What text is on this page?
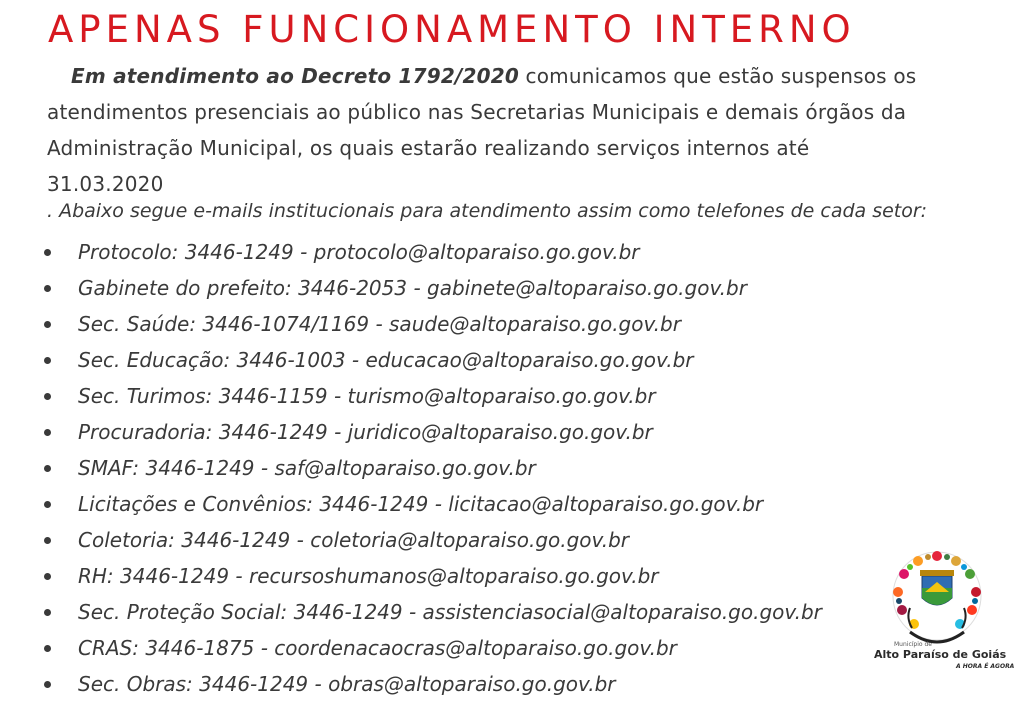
APENAS FUNCIONAMENTO INTERNO
Em atendimento ao Decreto 1792/2020 comunicamos que estão suspensos os
atendimentos presenciais ao público nas Secretarias Municipais e demais órgãos da
Administração Municipal, os quais estarão realizando serviços internos até
31.03.2020
. Abaixo segue e-mails institucionais para atendimento assim como telefones de cada setor:
Protocolo: 3446-1249 - protocolo@altoparaiso.go.gov.br
Gabinete do prefeito: 3446-2053 - gabinete@altoparaiso.go.gov.br
Sec. Saúde: 3446-1074/1169 - saude@altoparaiso.go.gov.br
Sec. Educação: 3446-1003 - educacao@altoparaiso.go.gov.br
Sec. Turimos: 3446-1159 - turismo@altoparaiso.go.gov.br
Procuradoria: 3446-1249 - juridico@altoparaiso.go.gov.br
SMAF: 3446-1249 - saf@altoparaiso.go.gov.br
Licitações e Convênios: 3446-1249 - licitacao@altoparaiso.go.gov.br
Coletoria: 3446-1249 - coletoria@altoparaiso.go.gov.br
RH: 3446-1249 - recursoshumanos@altoparaiso.go.gov.br
Sec. Proteção Social: 3446-1249 - assistenciasocial@altoparaiso.go.gov.br
CRAS: 3446-1875 - coordenacaocras@altoparaiso.go.gov.br
Sec. Obras: 3446-1249 - obras@altoparaiso.go.gov.br
Município de
Alto Paraíso de Goiás
A HORA É AGORA
